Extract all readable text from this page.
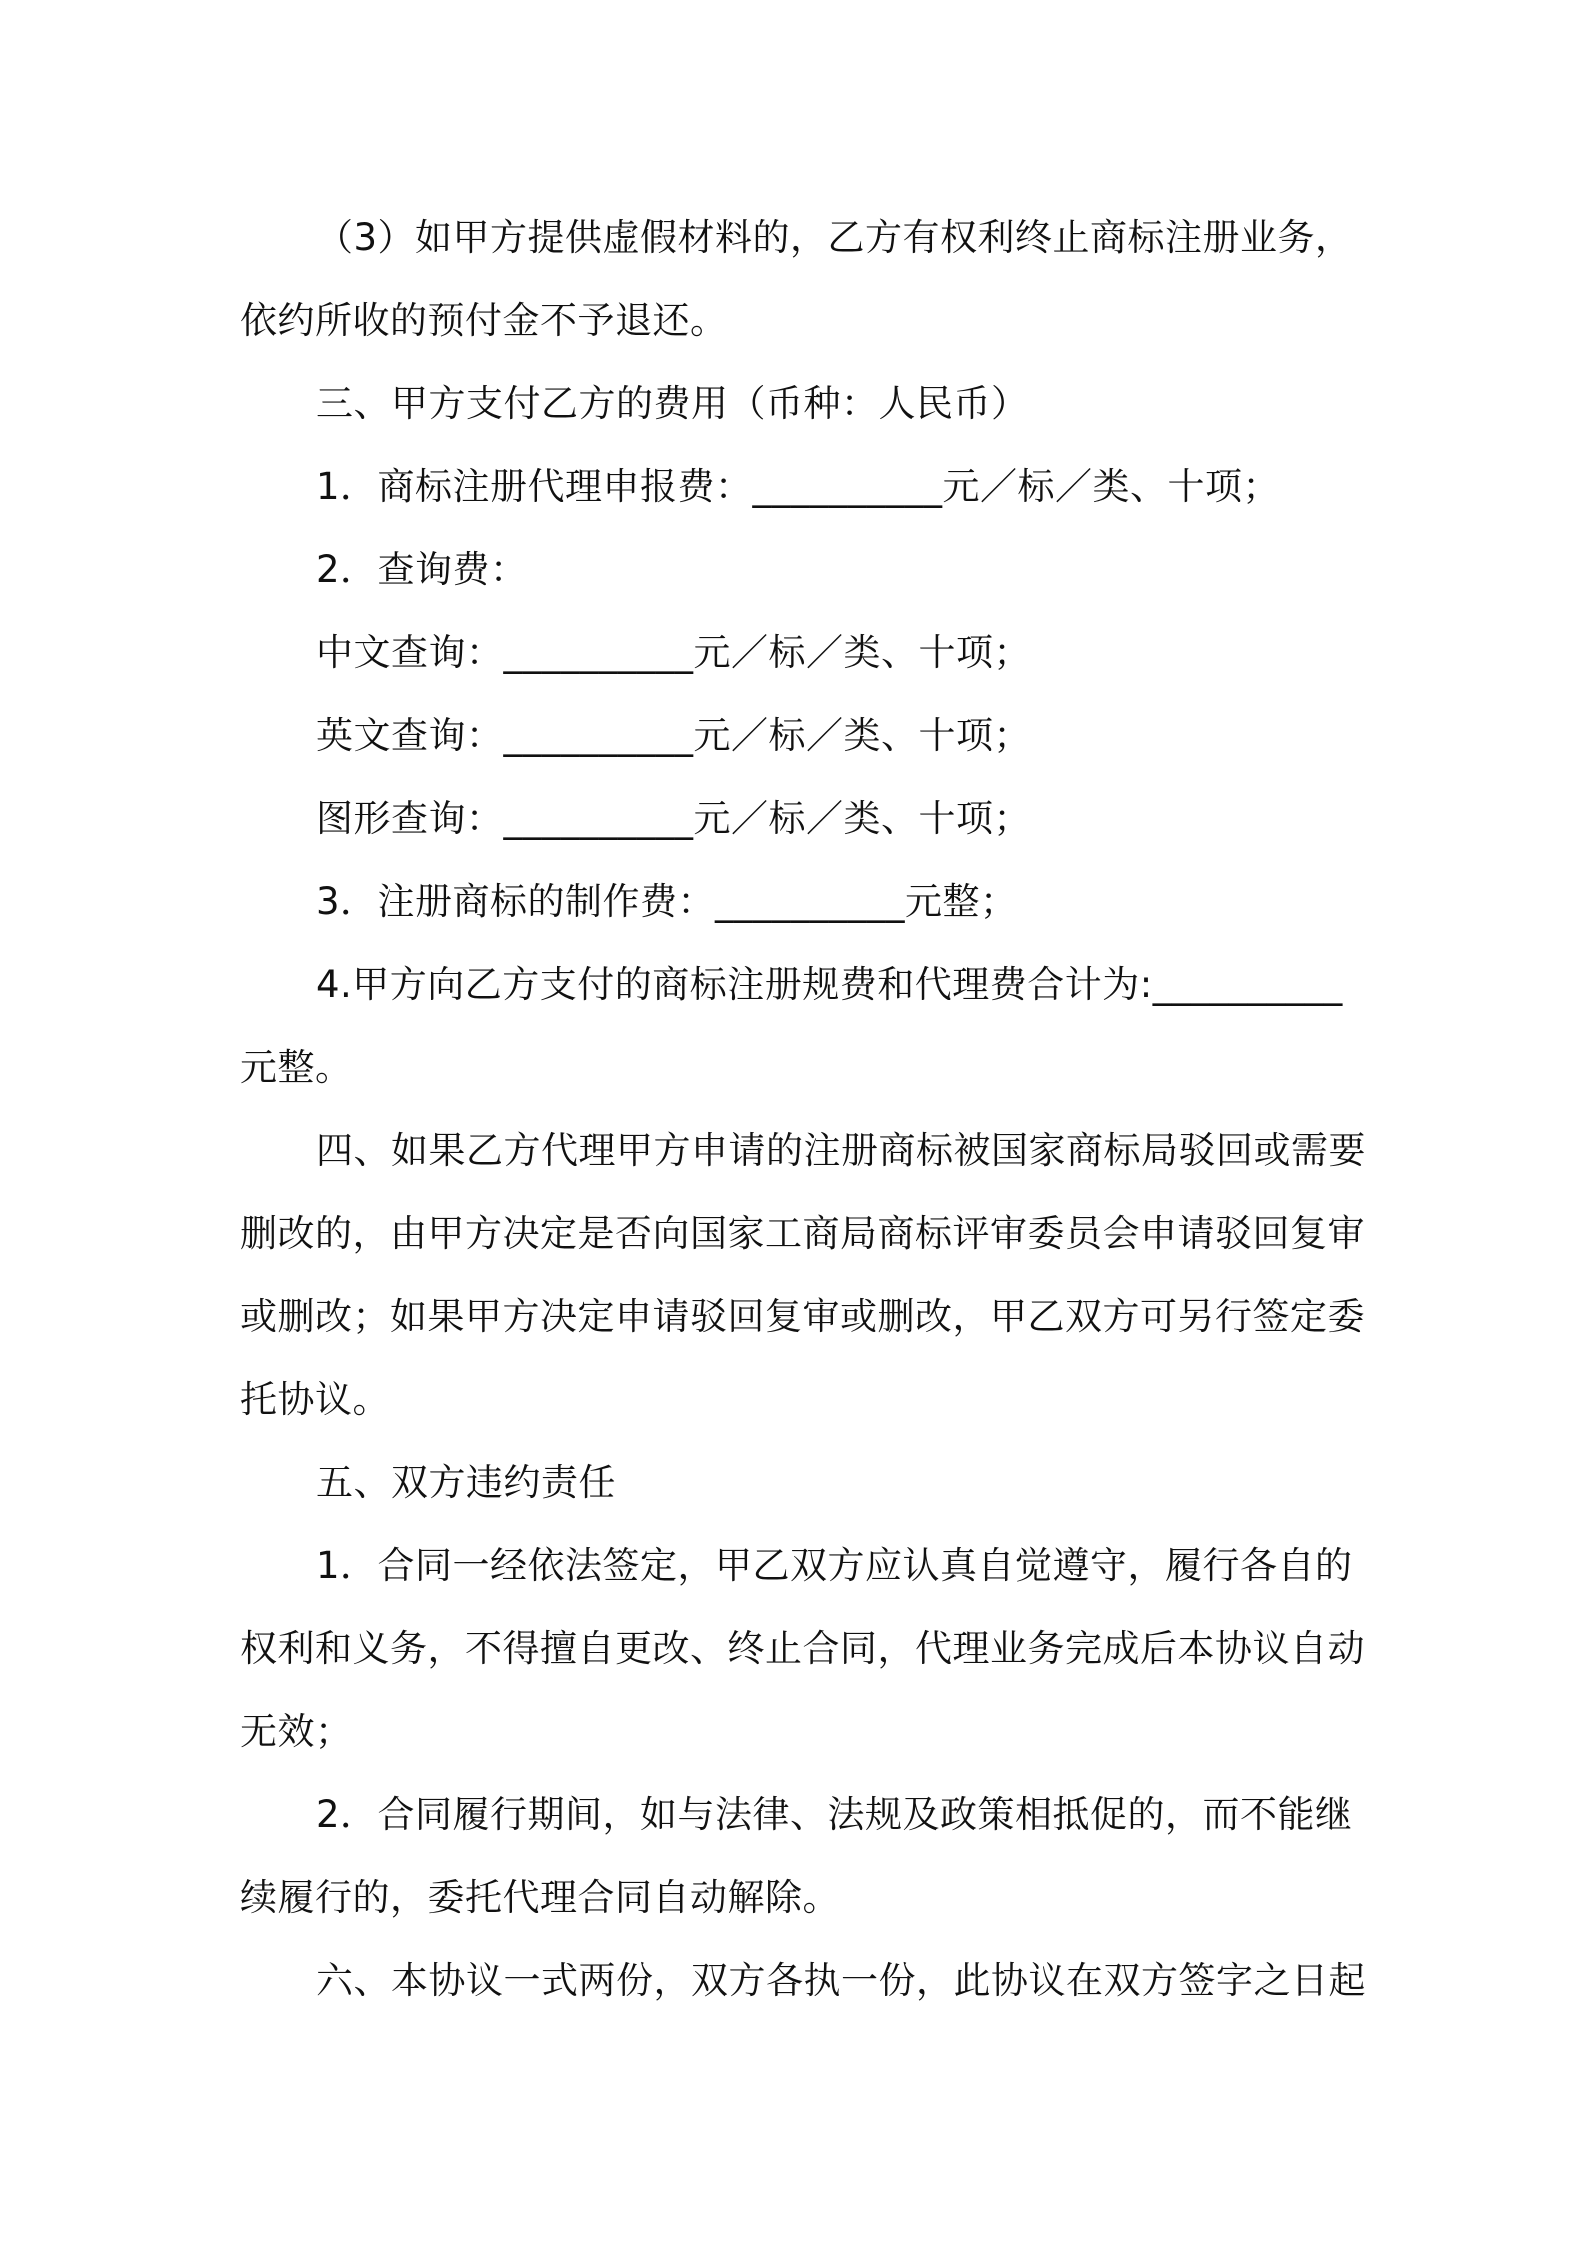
（3）如甲方提供虚假材料的，乙方有权利终止商标注册业务，
依约所收的预付金不予退还。
三、甲方支付乙方的费用（币种：人民币）
1．商标注册代理申报费：__________元／标／类、十项；
2．查询费：
中文查询：__________元／标／类、十项；
英文查询：__________元／标／类、十项；
图形查询：__________元／标／类、十项；
3．注册商标的制作费：__________元整；
4.甲方向乙方支付的商标注册规费和代理费合计为:__________
元整。
四、如果乙方代理甲方申请的注册商标被国家商标局驳回或需要
删改的，由甲方决定是否向国家工商局商标评审委员会申请驳回复审
或删改；如果甲方决定申请驳回复审或删改，甲乙双方可另行签定委
托协议。
五、双方违约责任
1．合同一经依法签定，甲乙双方应认真自觉遵守，履行各自的
权利和义务，不得擅自更改、终止合同，代理业务完成后本协议自动
无效；
2．合同履行期间，如与法律、法规及政策相抵促的，而不能继
续履行的，委托代理合同自动解除。
六、本协议一式两份，双方各执一份，此协议在双方签字之日起
